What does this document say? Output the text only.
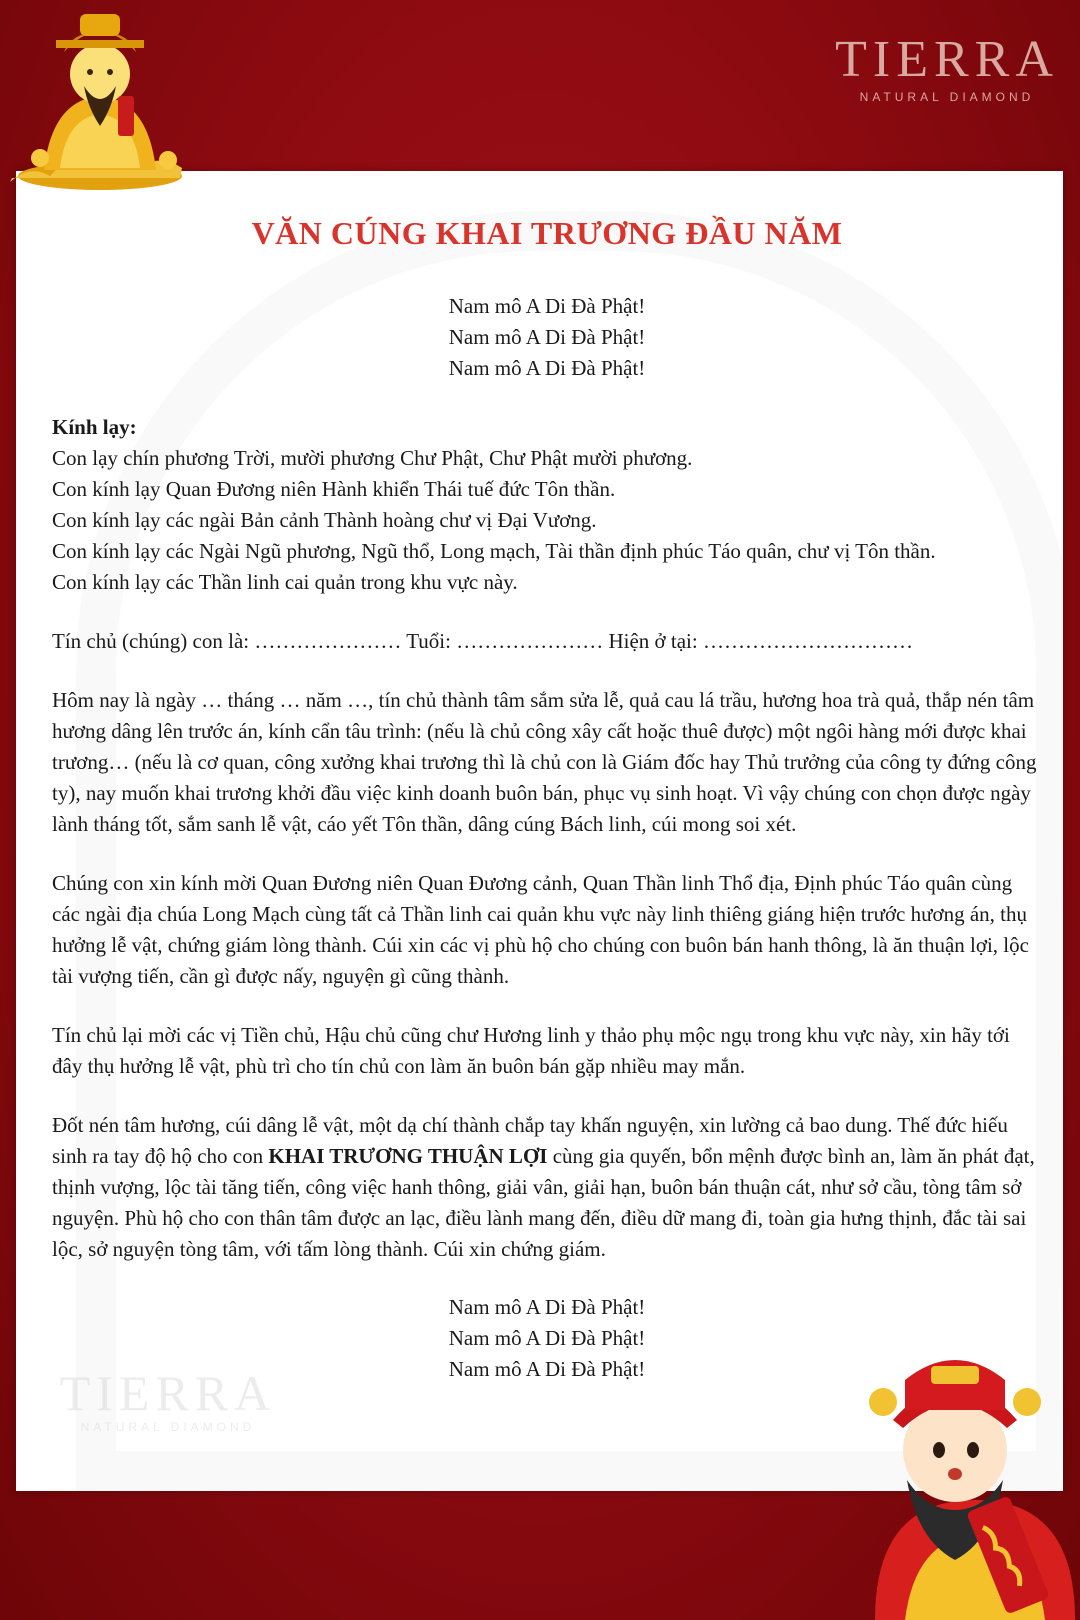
TIERRA
NATURAL DIAMOND
TIERRA
NATURAL DIAMOND
VĂN CÚNG KHAI TRƯƠNG ĐẦU NĂM

Nam mô A Di Đà Phật!

Nam mô A Di Đà Phật!

Nam mô A Di Đà Phật!

Kính lạy:

Con lạy chín phương Trời, mười phương Chư Phật, Chư Phật mười phương.

Con kính lạy Quan Đương niên Hành khiển Thái tuế đức Tôn thần.

Con kính lạy các ngài Bản cảnh Thành hoàng chư vị Đại Vương.

Con kính lạy các Ngài Ngũ phương, Ngũ thổ, Long mạch, Tài thần định phúc Táo quân, chư vị Tôn thần.

Con kính lạy các Thần linh cai quản trong khu vực này.

Tín chủ (chúng) con là: ………………… Tuổi: ………………… Hiện ở tại: …………………………

Hôm nay là ngày … tháng … năm …, tín chủ thành tâm sắm sửa lễ, quả cau lá trầu, hương hoa trà quả, thắp nén tâm hương dâng lên trước án, kính cẩn tâu trình: (nếu là chủ công xây cất hoặc thuê được) một ngôi hàng mới được khai trương… (nếu là cơ quan, công xưởng khai trương thì là chủ con là Giám đốc hay Thủ trưởng của công ty đứng công ty), nay muốn khai trương khởi đầu việc kinh doanh buôn bán, phục vụ sinh hoạt. Vì vậy chúng con chọn được ngày lành tháng tốt, sắm sanh lễ vật, cáo yết Tôn thần, dâng cúng Bách linh, cúi mong soi xét.

Chúng con xin kính mời Quan Đương niên Quan Đương cảnh, Quan Thần linh Thổ địa, Định phúc Táo quân cùng các ngài địa chúa Long Mạch cùng tất cả Thần linh cai quản khu vực này linh thiêng giáng hiện trước hương án, thụ hưởng lễ vật, chứng giám lòng thành. Cúi xin các vị phù hộ cho chúng con buôn bán hanh thông, là ăn thuận lợi, lộc tài vượng tiến, cần gì được nấy, nguyện gì cũng thành.

Tín chủ lại mời các vị Tiền chủ, Hậu chủ cũng chư Hương linh y thảo phụ mộc ngụ trong khu vực này, xin hãy tới đây thụ hưởng lễ vật, phù trì cho tín chủ con làm ăn buôn bán gặp nhiều may mắn.

Đốt nén tâm hương, cúi dâng lễ vật, một dạ chí thành chắp tay khấn nguyện, xin lường cả bao dung. Thế đức hiếu sinh ra tay độ hộ cho con KHAI TRƯƠNG THUẬN LỢI cùng gia quyến, bổn mệnh được bình an, làm ăn phát đạt, thịnh vượng, lộc tài tăng tiến, công việc hanh thông, giải vân, giải hạn, buôn bán thuận cát, như sở cầu, tòng tâm sở nguyện. Phù hộ cho con thân tâm được an lạc, điều lành mang đến, điều dữ mang đi, toàn gia hưng thịnh, đắc tài sai lộc, sở nguyện tòng tâm, với tấm lòng thành. Cúi xin chứng giám.

Nam mô A Di Đà Phật!

Nam mô A Di Đà Phật!

Nam mô A Di Đà Phật!
